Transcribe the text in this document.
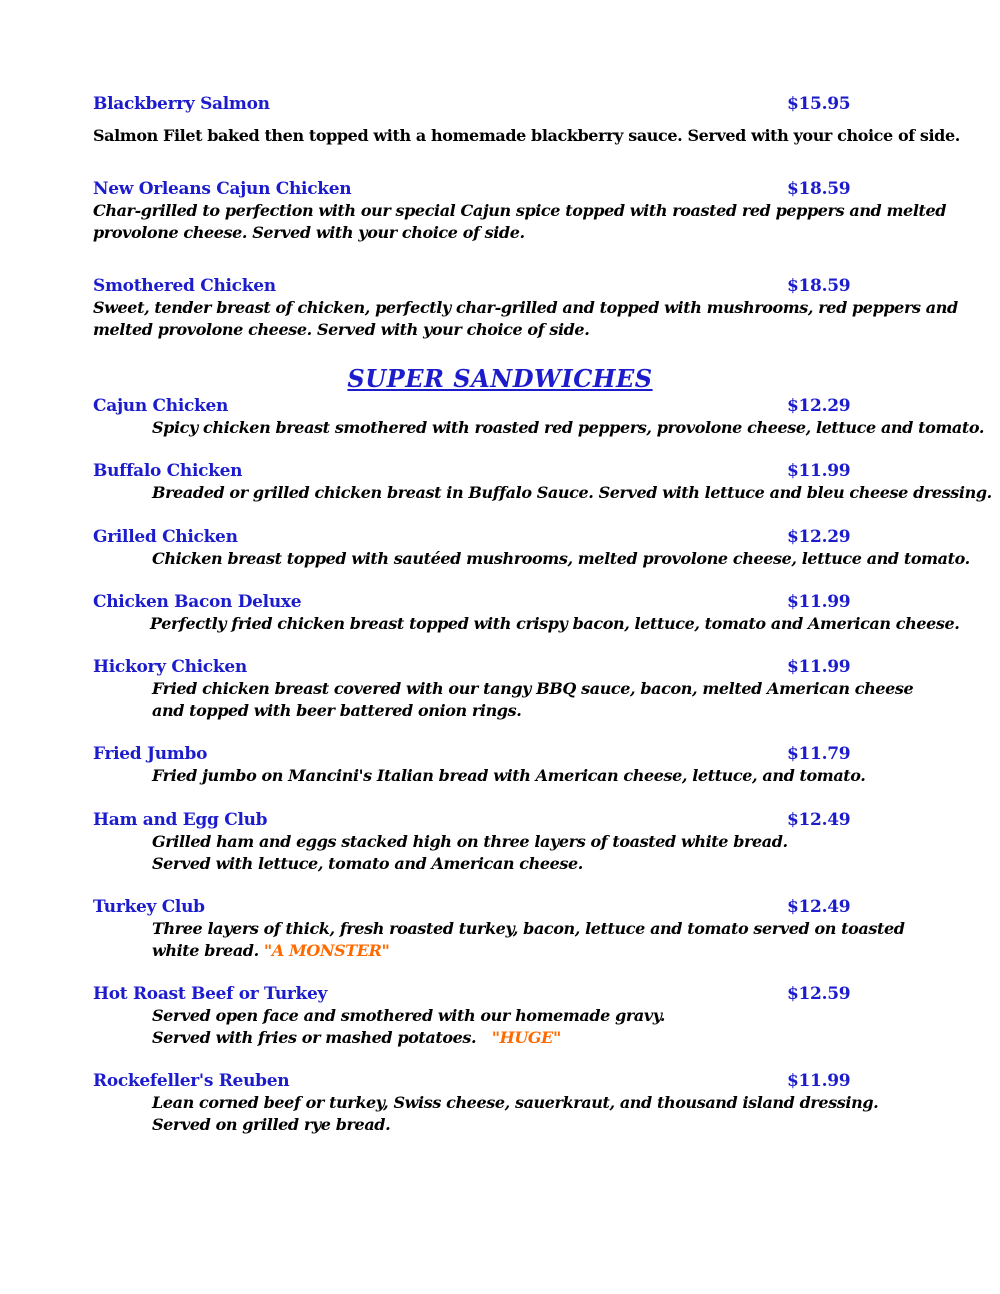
Blackberry Salmon	$15.95
Salmon Filet baked then topped with a homemade blackberry sauce. Served with your choice of side.
New Orleans Cajun Chicken	$18.59
Char-grilled to perfection with our special Cajun spice topped with roasted red peppers and melted
provolone cheese. Served with your choice of side.
Smothered Chicken	$18.59
Sweet, tender breast of chicken, perfectly char-grilled and topped with mushrooms, red peppers and
melted provolone cheese. Served with your choice of side.
SUPER SANDWICHES
Cajun Chicken	$12.29
Spicy chicken breast smothered with roasted red peppers, provolone cheese, lettuce and tomato.
Buffalo Chicken	$11.99
Breaded or grilled chicken breast in Buffalo Sauce. Served with lettuce and bleu cheese dressing.
Grilled Chicken	$12.29
Chicken breast topped with sautéed mushrooms, melted provolone cheese, lettuce and tomato.
Chicken Bacon Deluxe	$11.99
Perfectly fried chicken breast topped with crispy bacon, lettuce, tomato and American cheese.
Hickory Chicken	$11.99
Fried chicken breast covered with our tangy BBQ sauce, bacon, melted American cheese
and topped with beer battered onion rings.
Fried Jumbo	$11.79
Fried jumbo on Mancini's Italian bread with American cheese, lettuce, and tomato.
Ham and Egg Club	$12.49
Grilled ham and eggs stacked high on three layers of toasted white bread.
Served with lettuce, tomato and American cheese.
Turkey Club	$12.49
Three layers of thick, fresh roasted turkey, bacon, lettuce and tomato served on toasted
white bread. "A MONSTER"
Hot Roast Beef or Turkey	$12.59
Served open face and smothered with our homemade gravy.
Served with fries or mashed potatoes.   "HUGE"
Rockefeller's Reuben	$11.99
Lean corned beef or turkey, Swiss cheese, sauerkraut, and thousand island dressing.
Served on grilled rye bread.
